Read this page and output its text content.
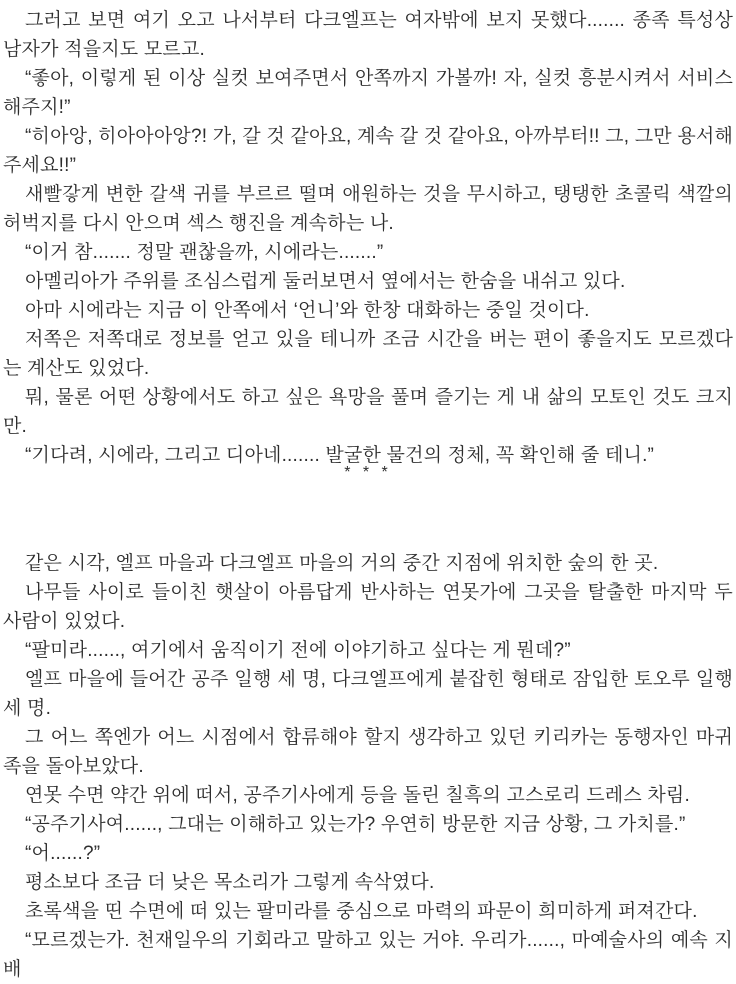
그러고 보면 여기 오고 나서부터 다크엘프는 여자밖에 보지 못했다....... 종족 특성상 남자가 적을지도 모르고.

“좋아, 이렇게 된 이상 실컷 보여주면서 안쪽까지 가볼까! 자, 실컷 흥분시켜서 서비스해주지!”

“히아앙, 히아아아앙?! 가, 갈 것 같아요, 계속 갈 것 같아요, 아까부터!! 그, 그만 용서해 주세요!!”

새빨갛게 변한 갈색 귀를 부르르 떨며 애원하는 것을 무시하고, 탱탱한 초콜릭 색깔의 허벅지를 다시 안으며 섹스 행진을 계속하는 나.

“이거 참....... 정말 괜찮을까, 시에라는.......”

아멜리아가 주위를 조심스럽게 둘러보면서 옆에서는 한숨을 내쉬고 있다.

아마 시에라는 지금 이 안쪽에서 ‘언니’와 한창 대화하는 중일 것이다.

저쪽은 저쪽대로 정보를 얻고 있을 테니까 조금 시간을 버는 편이 좋을지도 모르겠다는 계산도 있었다.

뭐, 물론 어떤 상황에서도 하고 싶은 욕망을 풀며 즐기는 게 내 삶의 모토인 것도 크지만.

“기다려, 시에라, 그리고 디아네....... 발굴한 물건의 정체, 꼭 확인해 줄 테니.”

* * *

같은 시각, 엘프 마을과 다크엘프 마을의 거의 중간 지점에 위치한 숲의 한 곳.

나무들 사이로 들이친 햇살이 아름답게 반사하는 연못가에 그곳을 탈출한 마지막 두 사람이 있었다.

“팔미라......, 여기에서 움직이기 전에 이야기하고 싶다는 게 뭔데?”

엘프 마을에 들어간 공주 일행 세 명, 다크엘프에게 붙잡힌 형태로 잠입한 토오루 일행 세 명.

그 어느 쪽엔가 어느 시점에서 합류해야 할지 생각하고 있던 키리카는 동행자인 마귀족을 돌아보았다.

연못 수면 약간 위에 떠서, 공주기사에게 등을 돌린 칠흑의 고스로리 드레스 차림.

“공주기사여......, 그대는 이해하고 있는가? 우연히 방문한 지금 상황, 그 가치를.”

“어......?”

평소보다 조금 더 낮은 목소리가 그렇게 속삭였다.

초록색을 띤 수면에 떠 있는 팔미라를 중심으로 마력의 파문이 희미하게 퍼져간다.

“모르겠는가. 천재일우의 기회라고 말하고 있는 거야. 우리가......, 마예술사의 예속 지배
